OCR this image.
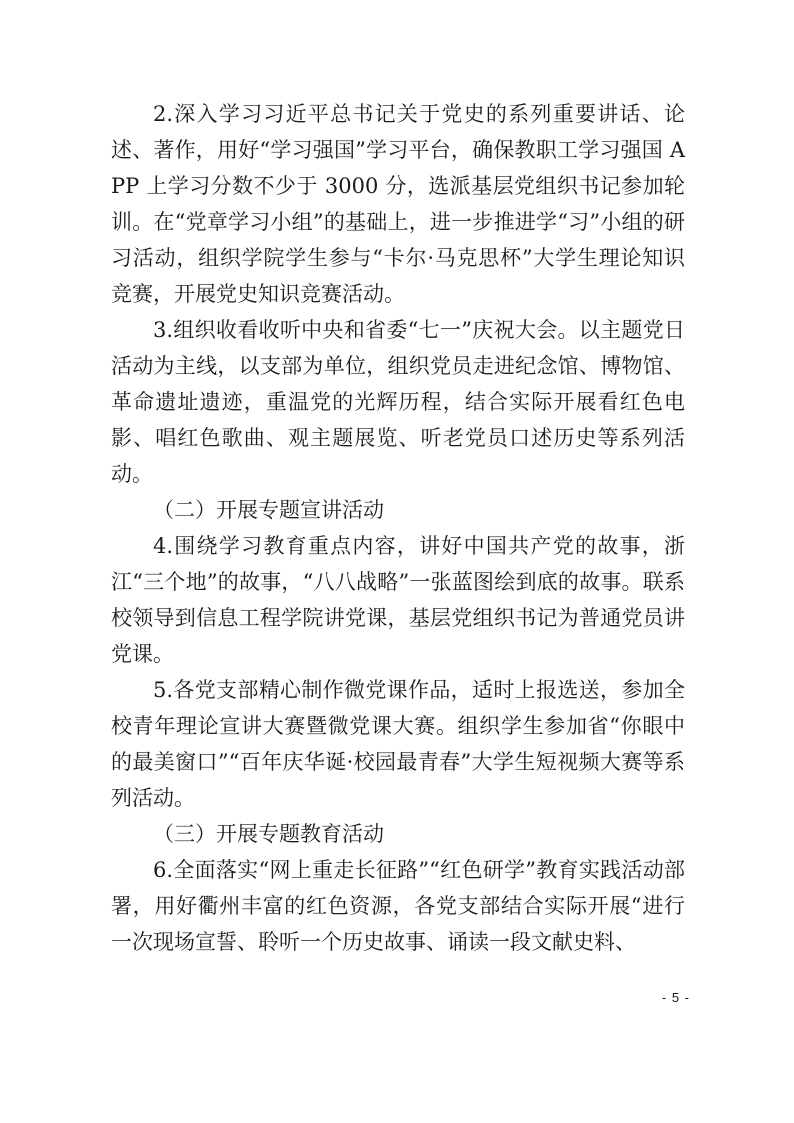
2.深入学习习近平总书记关于党史的系列重要讲话、论述、著作，用好“学习强国”学习平台，确保教职工学习强国 APP 上学习分数不少于 3000 分，选派基层党组织书记参加轮训。在“党章学习小组”的基础上，进一步推进学“习”小组的研习活动，组织学院学生参与“卡尔·马克思杯”大学生理论知识竞赛，开展党史知识竞赛活动。

3.组织收看收听中央和省委“七一”庆祝大会。以主题党日活动为主线，以支部为单位，组织党员走进纪念馆、博物馆、革命遗址遗迹，重温党的光辉历程，结合实际开展看红色电影、唱红色歌曲、观主题展览、听老党员口述历史等系列活动。

（二）开展专题宣讲活动

4.围绕学习教育重点内容，讲好中国共产党的故事，浙江“三个地”的故事，“八八战略”一张蓝图绘到底的故事。联系校领导到信息工程学院讲党课，基层党组织书记为普通党员讲党课。

5.各党支部精心制作微党课作品，适时上报选送，参加全校青年理论宣讲大赛暨微党课大赛。组织学生参加省“你眼中的最美窗口”“百年庆华诞·校园最青春”大学生短视频大赛等系列活动。

（三）开展专题教育活动

6.全面落实“网上重走长征路”“红色研学”教育实践活动部署，用好衢州丰富的红色资源，各党支部结合实际开展“进行一次现场宣誓、聆听一个历史故事、诵读一段文献史料、

- 5 -
